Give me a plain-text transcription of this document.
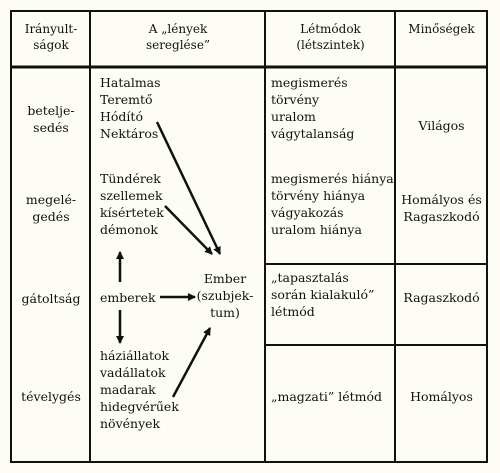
Irányult-
ságok
A „lények
sereglése”
Létmódok
(létszintek)
Minőségek
betelje-
sedés
megelé-
gedés
gátoltság
tévelygés
Hatalmas
Teremtő
Hódító
Nektáros
Tündérek
szellemek
kísértetek
démonok
emberek
háziállatok
vadállatok
madarak
hidegvérűek
növények
Ember
(szubjek-
tum)
megismerés
törvény
uralom
vágytalanság
megismerés hiánya
törvény hiánya
vágyakozás
uralom hiánya
„tapasztalás
során kialakuló”
létmód
„magzati” létmód
Világos
Homályos és
Ragaszkodó
Ragaszkodó
Homályos
